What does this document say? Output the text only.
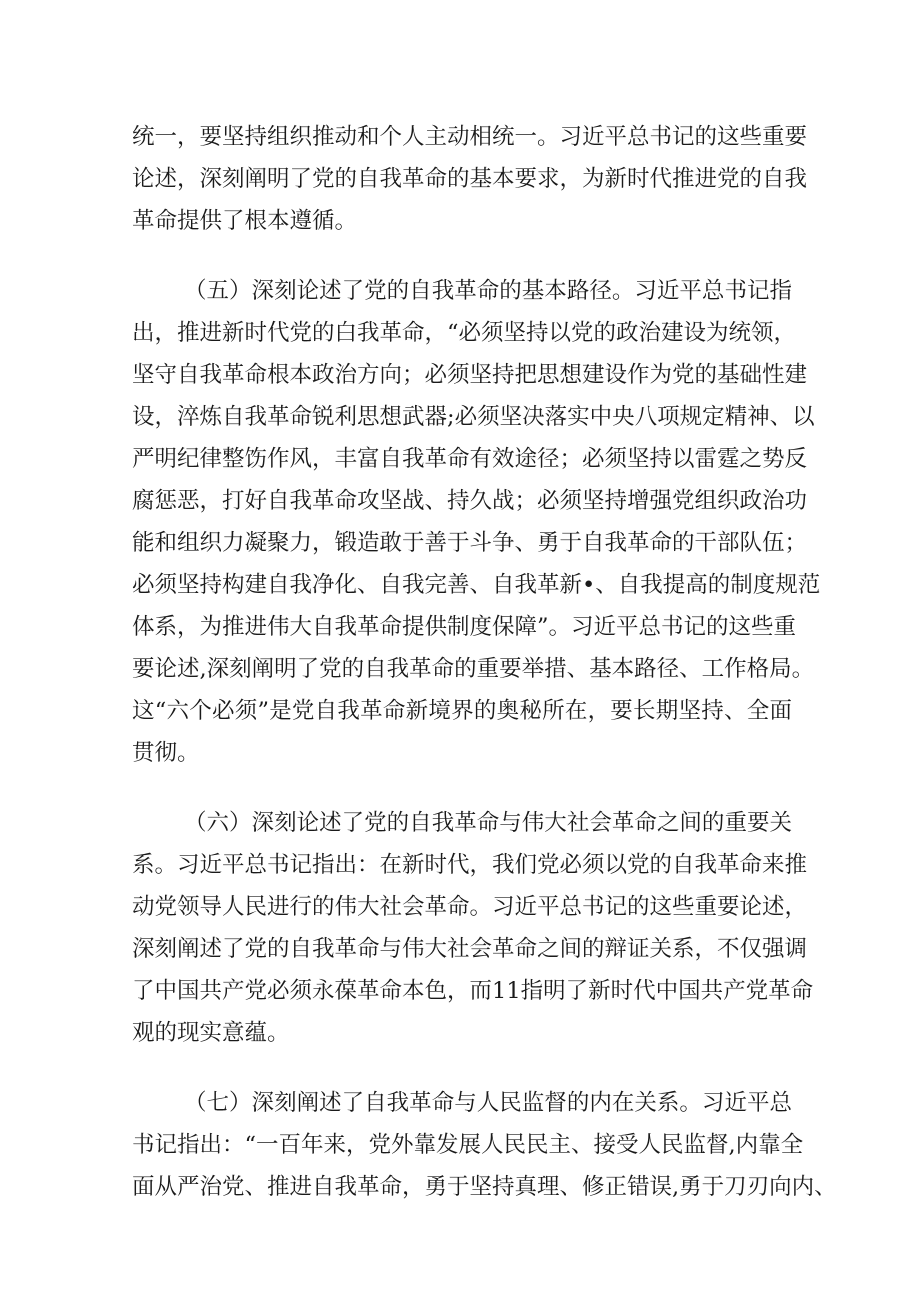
统一，要坚持组织推动和个人主动相统一。习近平总书记的这些重要
论述，深刻阐明了党的自我革命的基本要求，为新时代推进党的自我
革命提供了根本遵循。
（五）深刻论述了党的自我革命的基本路径。习近平总书记指
出，推进新时代党的白我革命，“必须坚持以党的政治建设为统领，
坚守自我革命根本政治方向；必须坚持把思想建设作为党的基础性建
设，淬炼自我革命锐利思想武器;必须坚决落实中央八项规定精神、以
严明纪律整饬作风，丰富自我革命有效途径；必须坚持以雷霆之势反
腐惩恶，打好自我革命攻坚战、持久战；必须坚持增强党组织政治功
能和组织力凝聚力，锻造敢于善于斗争、勇于自我革命的干部队伍；
必须坚持构建自我净化、自我完善、自我革新•、自我提高的制度规范
体系，为推进伟大自我革命提供制度保障”。习近平总书记的这些重
要论述,深刻阐明了党的自我革命的重要举措、基本路径、工作格局。
这“六个必须”是党自我革命新境界的奥秘所在，要长期坚持、全面
贯彻。
（六）深刻论述了党的自我革命与伟大社会革命之间的重要关
系。习近平总书记指出：在新时代，我们党必须以党的自我革命来推
动党领导人民进行的伟大社会革命。习近平总书记的这些重要论述，
深刻阐述了党的自我革命与伟大社会革命之间的辩证关系，不仅强调
了中国共产党必须永葆革命本色，而11指明了新时代中国共产党革命
观的现实意蕴。
（七）深刻阐述了自我革命与人民监督的内在关系。习近平总
书记指出：“一百年来，党外靠发展人民民主、接受人民监督,内靠全
面从严治党、推进自我革命，勇于坚持真理、修正错误,勇于刀刃向内、
